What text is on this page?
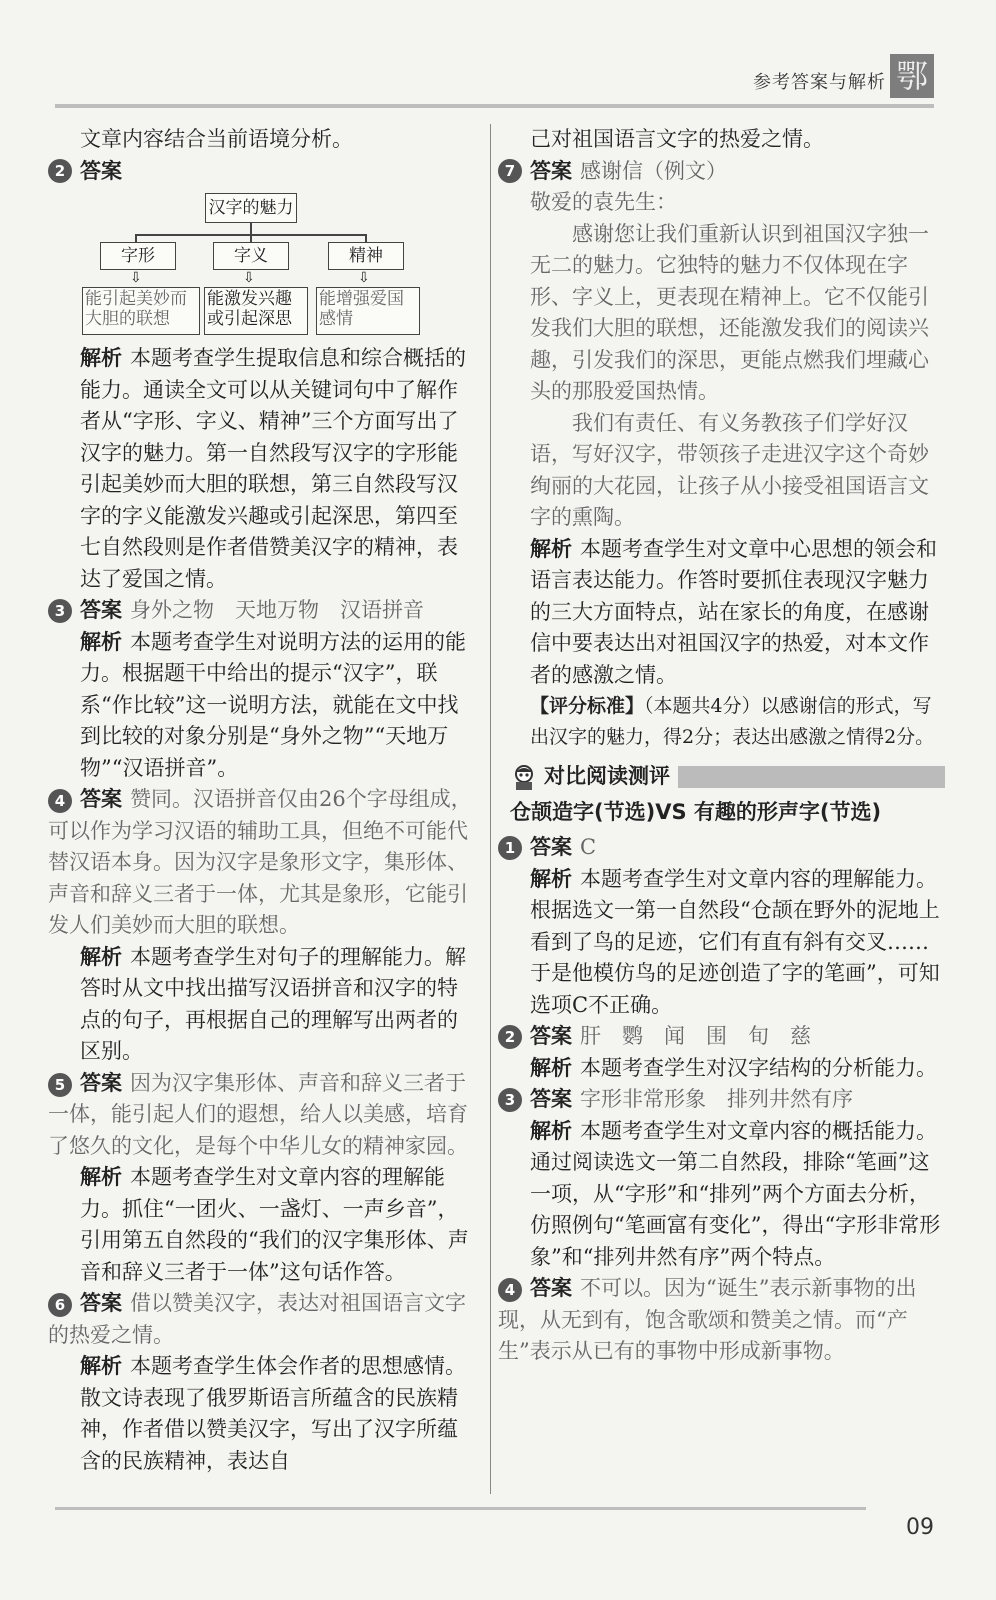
参考答案与解析 鄂

文章内容结合当前语境分析。

2 答案
汉字的魅力
字形	字义	精神
⇩	⇩	⇩
能引起美妙而大胆的联想
能激发兴趣或引起深思
能增强爱国感情

解析 本题考查学生提取信息和综合概括的能力。通读全文可以从关键词句中了解作者从“字形、字义、精神”三个方面写出了汉字的魅力。第一自然段写汉字的字形能引起美妙而大胆的联想，第三自然段写汉字的字义能激发兴趣或引起深思，第四至七自然段则是作者借赞美汉字的精神，表达了爱国之情。

3 答案 身外之物　天地万物　汉语拼音

解析 本题考查学生对说明方法的运用的能力。根据题干中给出的提示“汉字”，联系“作比较”这一说明方法，就能在文中找到比较的对象分别是“身外之物”“天地万物”“汉语拼音”。

4 答案 赞同。汉语拼音仅由26个字母组成，可以作为学习汉语的辅助工具，但绝不可能代替汉语本身。因为汉字是象形文字，集形体、声音和辞义三者于一体，尤其是象形，它能引发人们美妙而大胆的联想。

解析 本题考查学生对句子的理解能力。解答时从文中找出描写汉语拼音和汉字的特点的句子，再根据自己的理解写出两者的区别。

5 答案 因为汉字集形体、声音和辞义三者于一体，能引起人们的遐想，给人以美感，培育了悠久的文化，是每个中华儿女的精神家园。

解析 本题考查学生对文章内容的理解能力。抓住“一团火、一盏灯、一声乡音”，引用第五自然段的“我们的汉字集形体、声音和辞义三者于一体”这句话作答。

6 答案 借以赞美汉字，表达对祖国语言文字的热爱之情。

解析 本题考查学生体会作者的思想感情。散文诗表现了俄罗斯语言所蕴含的民族精神，作者借以赞美汉字，写出了汉字所蕴含的民族精神，表达自

己对祖国语言文字的热爱之情。

7 答案 感谢信（例文）

敬爱的袁先生：

感谢您让我们重新认识到祖国汉字独一无二的魅力。它独特的魅力不仅体现在字形、字义上，更表现在精神上。它不仅能引发我们大胆的联想，还能激发我们的阅读兴趣，引发我们的深思，更能点燃我们埋藏心头的那股爱国热情。

我们有责任、有义务教孩子们学好汉语，写好汉字，带领孩子走进汉字这个奇妙绚丽的大花园，让孩子从小接受祖国语言文字的熏陶。

解析 本题考查学生对文章中心思想的领会和语言表达能力。作答时要抓住表现汉字魅力的三大方面特点，站在家长的角度，在感谢信中要表达出对祖国汉字的热爱，对本文作者的感激之情。

【评分标准】（本题共4分）以感谢信的形式，写出汉字的魅力，得2分；表达出感激之情得2分。

对比阅读测评
仓颉造字(节选)VS 有趣的形声字(节选)
1 答案 C

解析 本题考查学生对文章内容的理解能力。根据选文一第一自然段“仓颉在野外的泥地上看到了鸟的足迹，它们有直有斜有交叉……于是他模仿鸟的足迹创造了字的笔画”，可知选项C不正确。

2 答案 肝　鹦　闻　围　旬　慈

解析 本题考查学生对汉字结构的分析能力。

3 答案 字形非常形象　排列井然有序

解析 本题考查学生对文章内容的概括能力。通过阅读选文一第二自然段，排除“笔画”这一项，从“字形”和“排列”两个方面去分析，仿照例句“笔画富有变化”，得出“字形非常形象”和“排列井然有序”两个特点。

4 答案 不可以。因为“诞生”表示新事物的出现，从无到有，饱含歌颂和赞美之情。而“产生”表示从已有的事物中形成新事物。

09
